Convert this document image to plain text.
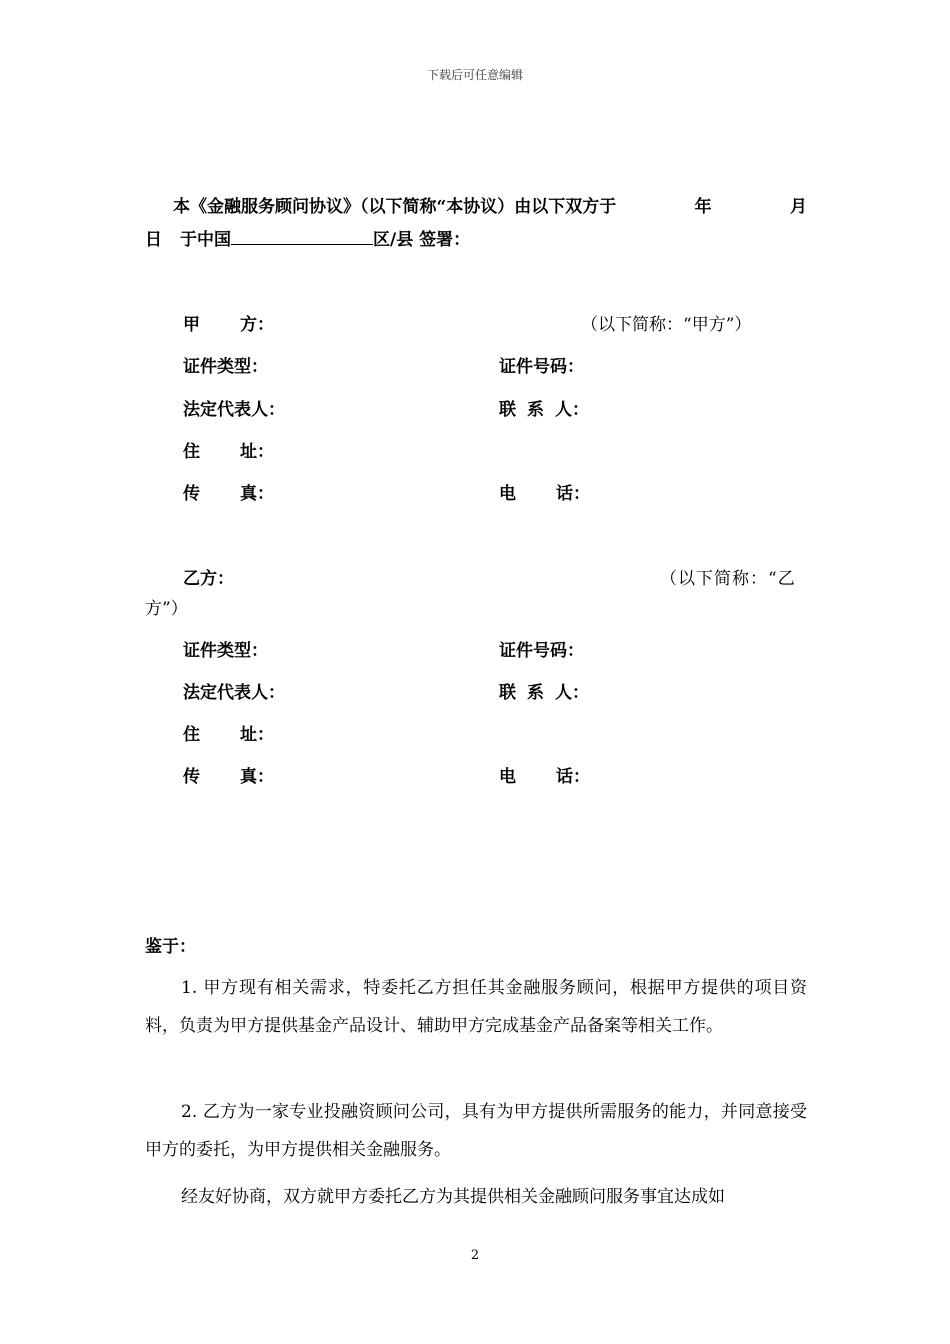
下载后可任意编辑
本《金融服务顾问协议》（以下简称“本协议）由以下双方于	年	月
日 于中国	区/县 签署：
甲 方：	（以下简称：“甲方”）
证件类型：	证件号码：
法定代表人：	联 系 人：
住 址：
传 真：	电 话：
乙方：	（以下简称：“乙
方”）
证件类型：	证件号码：
法定代表人：	联 系 人：
住 址：
传 真：	电 话：
鉴于：
1. 甲方现有相关需求，特委托乙方担任其金融服务顾问，根据甲方提供的项目资料，负责为甲方提供基金产品设计、辅助甲方完成基金产品备案等相关工作。
2. 乙方为一家专业投融资顾问公司，具有为甲方提供所需服务的能力，并同意接受甲方的委托，为甲方提供相关金融服务。
经友好协商，双方就甲方委托乙方为其提供相关金融顾问服务事宜达成如
2
